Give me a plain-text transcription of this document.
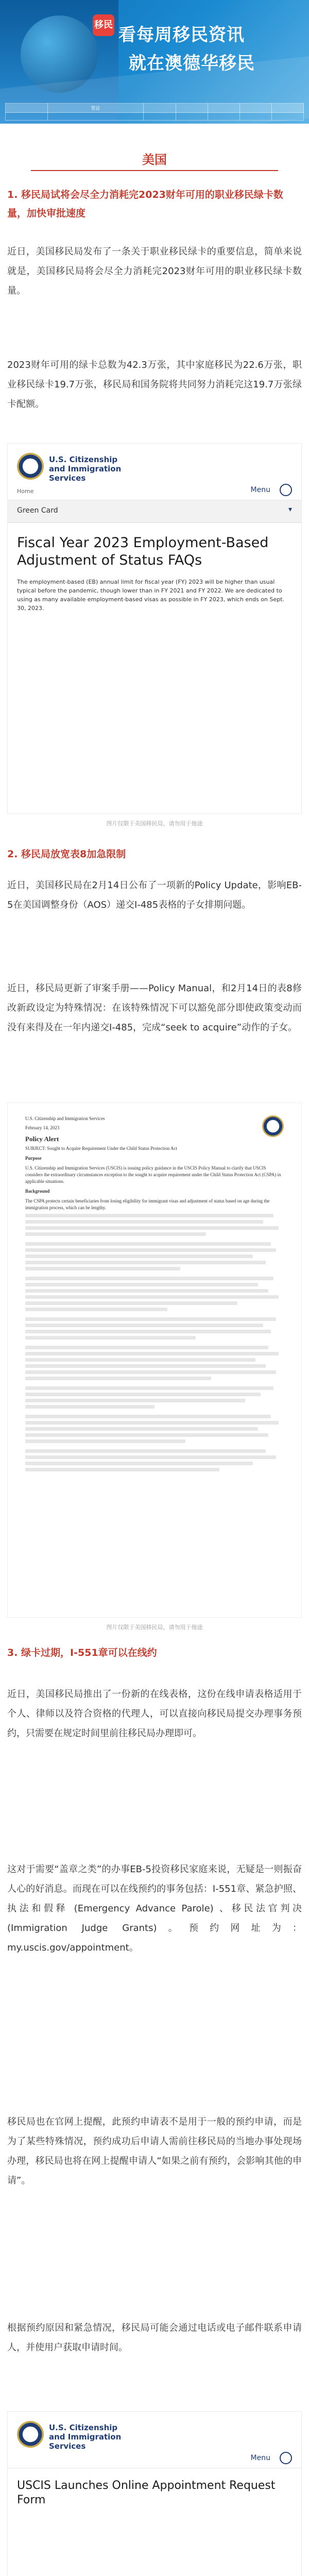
移民 看每周移民资讯
就在澳德华移民
	签证					

美国
1. 移民局试将会尽全力消耗完2023财年可用的职业移民绿卡数量，加快审批速度
近日，美国移民局发布了一条关于职业移民绿卡的重要信息，简单来说就是，美国移民局将会尽全力消耗完2023财年可用的职业移民绿卡数量。
2023财年可用的绿卡总数为42.3万张，其中家庭移民为22.6万张，职业移民绿卡19.7万张，移民局和国务院将共同努力消耗完这19.7万张绿卡配额。
U.S. Citizenship
and Immigration
Services
Home	Menu
Green Card	▾
Fiscal Year 2023 Employment-Based Adjustment of Status FAQs
The employment-based (EB) annual limit for fiscal year (FY) 2023 will be higher than usual typical before the pandemic, though lower than in FY 2021 and FY 2022. We are dedicated to using as many available employment-based visas as possible in FY 2023, which ends on Sept. 30, 2023.
图片仅限于美国移民局，请勿用于他途
2. 移民局放宽表8加急限制
近日，美国移民局在2月14日公布了一项新的Policy Update，影响EB-5在美国调整身份（AOS）递交I-485表格的子女排期问题。
近日，移民局更新了审案手册——Policy Manual，和2月14日的表8修改新政设定为特殊情况：在该特殊情况下可以豁免部分即使政策变动而没有来得及在一年内递交I-485，完成“seek to acquire”动作的子女。
U.S. Citizenship and Immigration Services

February 14, 2023

Policy Alert

SUBJECT: Sought to Acquire Requirement Under the Child Status Protection Act

Purpose

U.S. Citizenship and Immigration Services (USCIS) is issuing policy guidance in the USCIS Policy Manual to clarify that USCIS considers the extraordinary circumstances exception to the sought to acquire requirement under the Child Status Protection Act (CSPA) in applicable situations.

Background

The CSPA protects certain beneficiaries from losing eligibility for immigrant visas and adjustment of status based on age during the immigration process, which can be lengthy.

图片仅限于美国移民局，请勿用于他途
3. 绿卡过期，I-551章可以在线约
近日，美国移民局推出了一份新的在线表格，这份在线申请表格适用于个人、律师以及符合资格的代理人，可以直接向移民局提交办理事务预约，只需要在规定时间里前往移民局办理即可。
这对于需要“盖章之类”的办事EB-5投资移民家庭来说，无疑是一则振奋人心的好消息。而现在可以在线预约的事务包括：I-551章、紧急护照、执法和假释 (Emergency Advance Parole) 、移民法官判决 (Immigration Judge Grants)。预约网址为：my.uscis.gov/appointment。
移民局也在官网上提醒，此预约申请表不是用于一般的预约申请，而是为了某些特殊情况，预约成功后申请人需前往移民局的当地办事处现场办理，移民局也将在网上提醒申请人“如果之前有预约，会影响其他的申请”。
根据预约原因和紧急情况，移民局可能会通过电话或电子邮件联系申请人，并使用户获取申请时间。
U.S. Citizenship
and Immigration
Services
Menu
USCIS Launches Online Appointment Request Form
